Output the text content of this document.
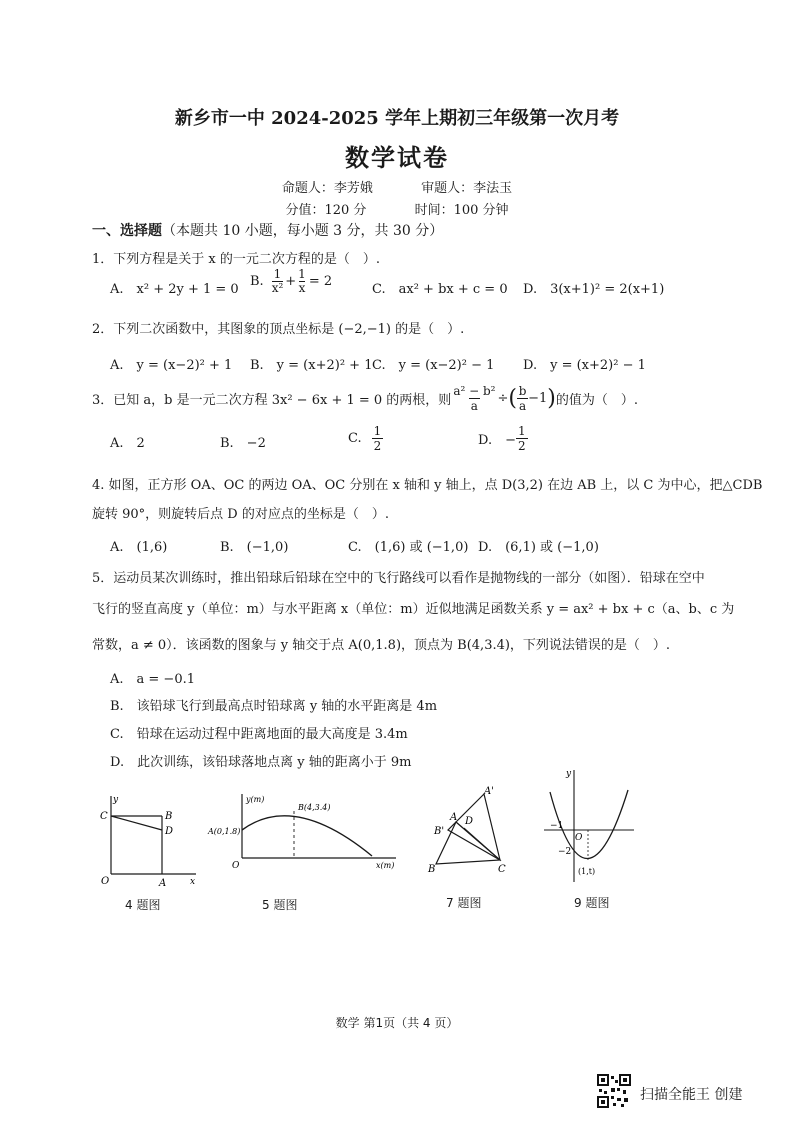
新乡市一中 2024-2025 学年上期初三年级第一次月考
数学试卷
命题人：李芳娥	审题人：李法玉
分值：120 分	时间：100 分钟
一、选择题（本题共 10 小题，每小题 3 分，共 30 分）
1．下列方程是关于 x 的一元二次方程的是（　）.
A.　x² + 2y + 1 = 0
B. 1
$x^2 + \frac{1}{x} = 2$
C.　ax² + bx + c = 0 D.　3(x+1)² = 2(x+1)
2．下列二次函数中，其图象的顶点坐标是 (−2,−1) 的是（　）.
A.　y = (x−2)² + 1 B.　y = (x+2)² + 1 C.　y = (x−2)² − 1 D.　y = (x+2)² − 1
3．已知 a，b 是一元二次方程 3x² − 6x + 1 = 0 的两根，则 $\frac{\text{a² − b²}}{a}$ ÷ ( b
a −1 ) 的值为（　）.
A.　2	B.　−2	C. 1
2	D.　− $\frac{1}{2}$
4. 如图，正方形 OA、OC 的两边 OA、OC 分别在 x 轴和 y 轴上，点 D(3,2) 在边 AB 上，以 C 为中心，把△CDB
旋转 90°，则旋转后点 D 的对应点的坐标是（　）.
A.　(1,6)	B.　(−1,0)	C.　(1,6) 或 (−1,0) D.　(6,1) 或 (−1,0)
5．运动员某次训练时，推出铅球后铅球在空中的飞行路线可以看作是抛物线的一部分（如图）．铅球在空中
飞行的竖直高度 y（单位：m）与水平距离 x（单位：m）近似地满足函数关系 y = ax² + bx + c（a、b、c 为
常数，a ≠ 0）．该函数的图象与 y 轴交于点 A(0,1.8)，顶点为 B(4,3.4)，下列说法错误的是（　）.
A.　a = −0.1
B.　该铅球飞行到最高点时铅球离 y 轴的水平距离是 4m
C.　铅球在运动过程中距离地面的最大高度是 3.4m
D.　此次训练，该铅球落地点离 y 轴的距离小于 9m
y
C	B
D
O	A	x
4 题图
y(m)
B(4,3.4)
A(0,1.8)
O	x(m)
5 题图
A'
A D
B'
B	C
7 题图
y
−1
O
−2
(1,t)
9 题图
数学 第1页（共 4 页）
扫描全能王 创建
